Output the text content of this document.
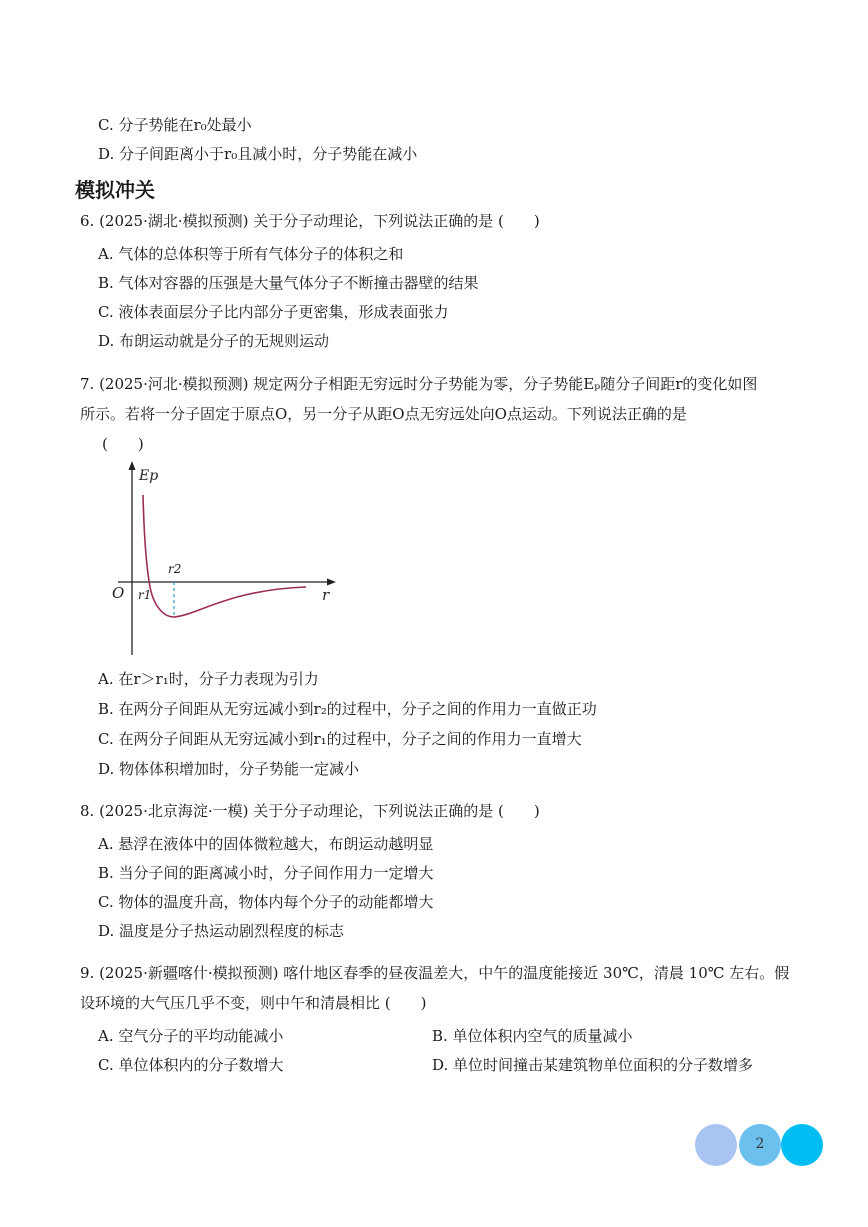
C. 分子势能在r₀处最小
D. 分子间距离小于r₀且减小时，分子势能在减小
模拟冲关
6. (2025·湖北·模拟预测) 关于分子动理论，下列说法正确的是 (　　)
A. 气体的总体积等于所有气体分子的体积之和
B. 气体对容器的压强是大量气体分子不断撞击器壁的结果
C. 液体表面层分子比内部分子更密集，形成表面张力
D. 布朗运动就是分子的无规则运动
7. (2025·河北·模拟预测) 规定两分子相距无穷远时分子势能为零，分子势能Eₚ随分子间距r的变化如图
所示。若将一分子固定于原点O，另一分子从距O点无穷远处向O点运动。下列说法正确的是
(　　)
Ep
O	r
r1
r2
A. 在r＞r₁时，分子力表现为引力
B. 在两分子间距从无穷远减小到r₂的过程中，分子之间的作用力一直做正功
C. 在两分子间距从无穷远减小到r₁的过程中，分子之间的作用力一直增大
D. 物体体积增加时，分子势能一定减小
8. (2025·北京海淀·一模) 关于分子动理论，下列说法正确的是 (　　)
A. 悬浮在液体中的固体微粒越大，布朗运动越明显
B. 当分子间的距离减小时，分子间作用力一定增大
C. 物体的温度升高，物体内每个分子的动能都增大
D. 温度是分子热运动剧烈程度的标志
9. (2025·新疆喀什·模拟预测) 喀什地区春季的昼夜温差大，中午的温度能接近 30℃，清晨 10℃ 左右。假
设环境的大气压几乎不变，则中午和清晨相比 (　　)
A. 空气分子的平均动能减小	B. 单位体积内空气的质量减小
C. 单位体积内的分子数增大	D. 单位时间撞击某建筑物单位面积的分子数增多
2
